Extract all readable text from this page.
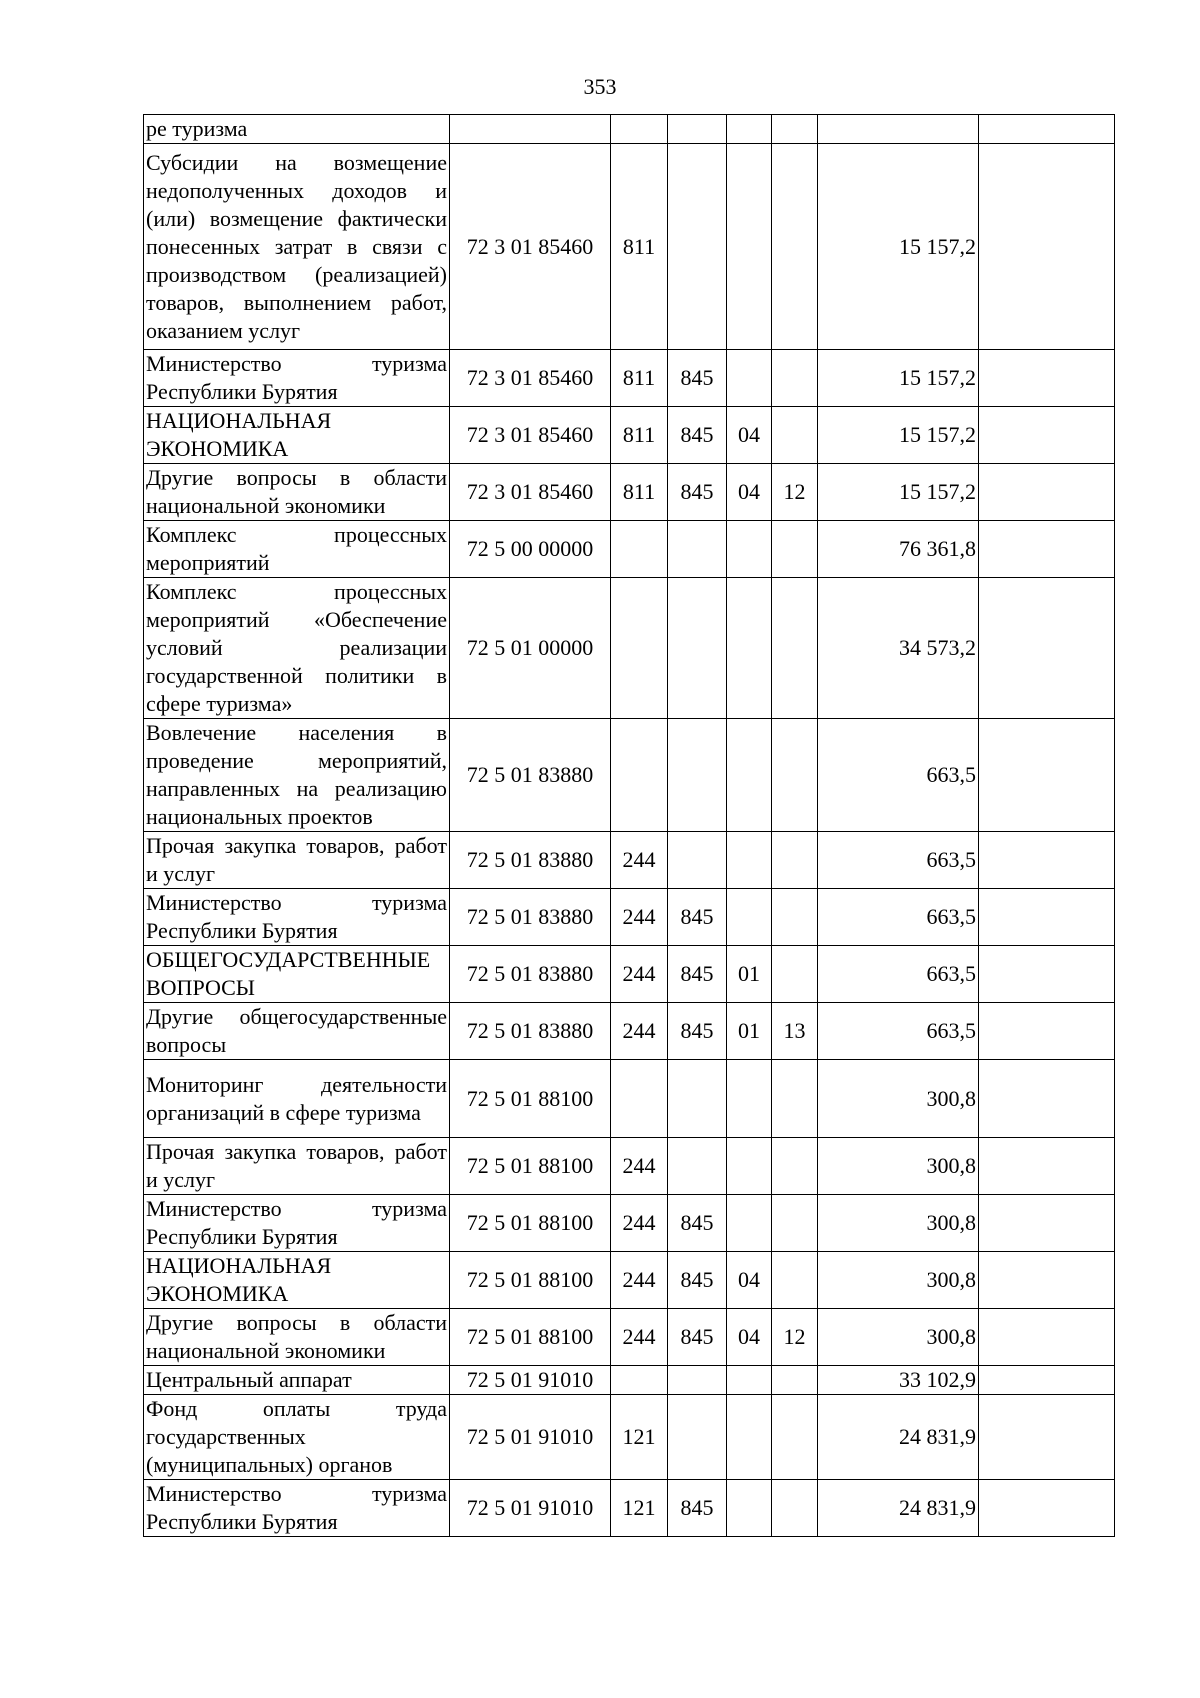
353
ре туризма							
Субсидии на возмещение недополученных доходов и (или) возмещение фактически понесенных затрат в связи с производством (реализацией) товаров, выполнением работ, оказанием услуг	72 3 01 85460	811				15 157,2	
Министерство туризма Республики Бурятия	72 3 01 85460	811	845			15 157,2	
НАЦИОНАЛЬНАЯ ЭКОНОМИКА	72 3 01 85460	811	845	04		15 157,2	
Другие вопросы в области национальной экономики	72 3 01 85460	811	845	04	12	15 157,2	
Комплекс процессных мероприятий	72 5 00 00000					76 361,8	
Комплекс процессных мероприятий «Обеспечение условий реализации государственной политики в сфере туризма»	72 5 01 00000					34 573,2	
Вовлечение населения в проведение мероприятий, направленных на реализацию национальных проектов	72 5 01 83880					663,5	
Прочая закупка товаров, работ и услуг	72 5 01 83880	244				663,5	
Министерство туризма Республики Бурятия	72 5 01 83880	244	845			663,5	
ОБЩЕГОСУДАРСТВЕННЫЕ ВОПРОСЫ	72 5 01 83880	244	845	01		663,5	
Другие общегосударственные вопросы	72 5 01 83880	244	845	01	13	663,5	
Мониторинг деятельности организаций в сфере туризма	72 5 01 88100					300,8	
Прочая закупка товаров, работ и услуг	72 5 01 88100	244				300,8	
Министерство туризма Республики Бурятия	72 5 01 88100	244	845			300,8	
НАЦИОНАЛЬНАЯ ЭКОНОМИКА	72 5 01 88100	244	845	04		300,8	
Другие вопросы в области национальной экономики	72 5 01 88100	244	845	04	12	300,8	
Центральный аппарат	72 5 01 91010					33 102,9	
Фонд оплаты труда государственных (муниципальных) органов	72 5 01 91010	121				24 831,9	
Министерство туризма Республики Бурятия	72 5 01 91010	121	845			24 831,9	
